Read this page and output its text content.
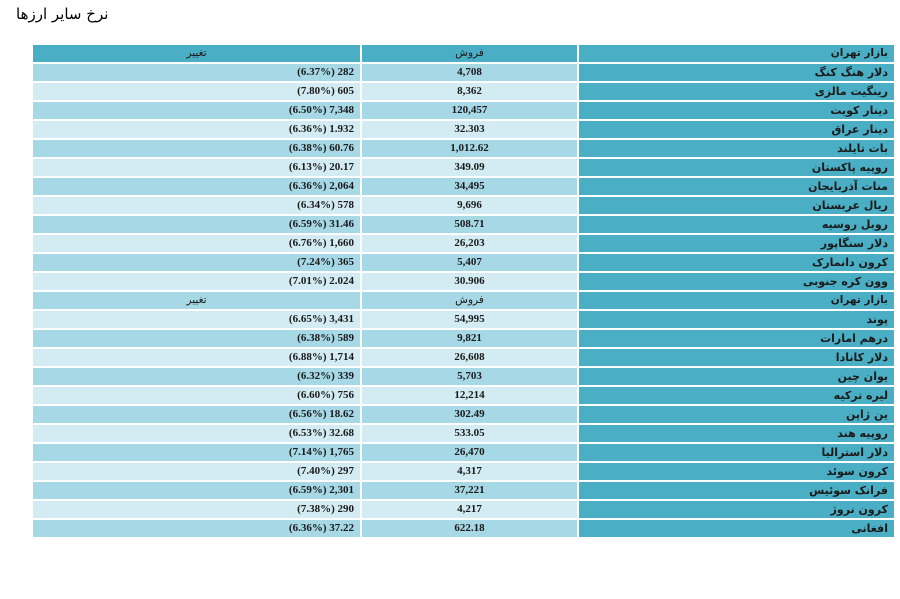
نرخ سایر ارزها
تغییر	فروش	بازار تهران
(6.37%) 282	4,708	دلار هنگ کنگ
(7.80%) 605	8,362	رینگیت مالزی
(6.50%) 7,348	120,457	دینار کویت
(6.36%) 1.932	32.303	دینار عراق
(6.38%) 60.76	1,012.62	بات تایلند
(6.13%) 20.17	349.09	روپیه پاکستان
(6.36%) 2,064	34,495	منات آذربایجان
(6.34%) 578	9,696	ریال عربستان
(6.59%) 31.46	508.71	روبل روسیه
(6.76%) 1,660	26,203	دلار سنگاپور
(7.24%) 365	5,407	کرون دانمارک
(7.01%) 2.024	30.906	وون کره جنوبی
تغییر	فروش	بازار تهران
(6.65%) 3,431	54,995	پوند
(6.38%) 589	9,821	درهم امارات
(6.88%) 1,714	26,608	دلار کانادا
(6.32%) 339	5,703	یوان چین
(6.60%) 756	12,214	لیره ترکیه
(6.56%) 18.62	302.49	ین ژاپن
(6.53%) 32.68	533.05	روپیه هند
(7.14%) 1,765	26,470	دلار استرالیا
(7.40%) 297	4,317	کرون سوئد
(6.59%) 2,301	37,221	فرانک سوئیس
(7.38%) 290	4,217	کرون نروژ
(6.36%) 37.22	622.18	افغانی
